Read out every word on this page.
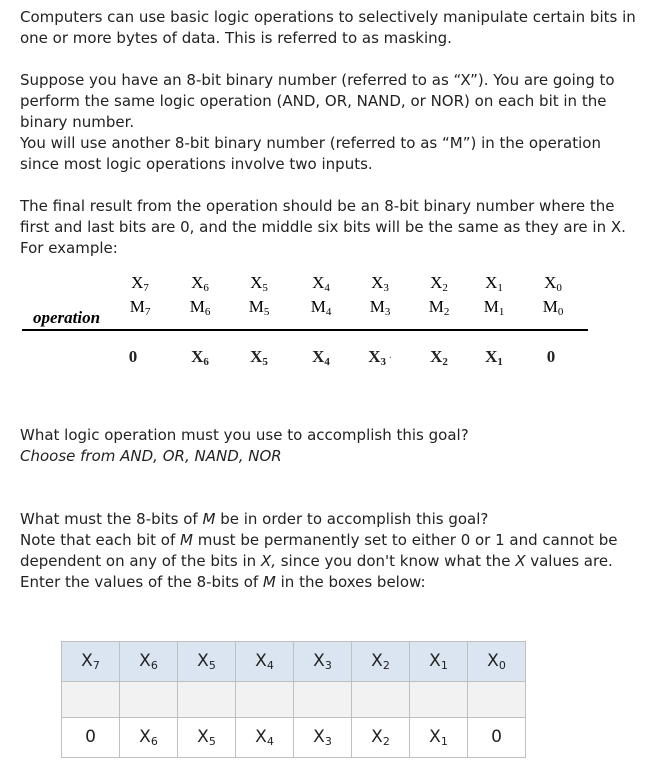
Computers can use basic logic operations to selectively manipulate certain bits in one or more bytes of data. This is referred to as masking.

Suppose you have an 8-bit binary number (referred to as “X”). You are going to perform the same logic operation (AND, OR, NAND, or NOR) on each bit in the binary number.

You will use another 8-bit binary number (referred to as “M”) in the operation since most logic operations involve two inputs.

The final result from the operation should be an 8-bit binary number where the first and last bits are 0, and the middle six bits will be the same as they are in X. For example:

$X_7$	$X_6$	$X_5$	$X_4$	$X_3$	$X_2$	$X_1$	$X_0$
$M_7$	$M_6$	$M_5$	$M_4$	$M_3$	$M_2$	$M_1$	$M_0$
operation
0	$X_6$	$X_5$	$X_4$	$X_3$ ·	$X_2$	$X_1$	0

What logic operation must you use to accomplish this goal?

Choose from AND, OR, NAND, NOR

What must the 8-bits of M be in order to accomplish this goal?
Note that each bit of M must be permanently set to either 0 or 1 and cannot be
dependent on any of the bits in X, since you don't know what the X values are.
Enter the values of the 8-bits of M in the boxes below:
$X_7$	$X_6$	$X_5$	$X_4$	$X_3$	$X_2$	$X_1$	$X_0$

0	$X_6$	$X_5$	$X_4$	$X_3$	$X_2$	$X_1$	0
